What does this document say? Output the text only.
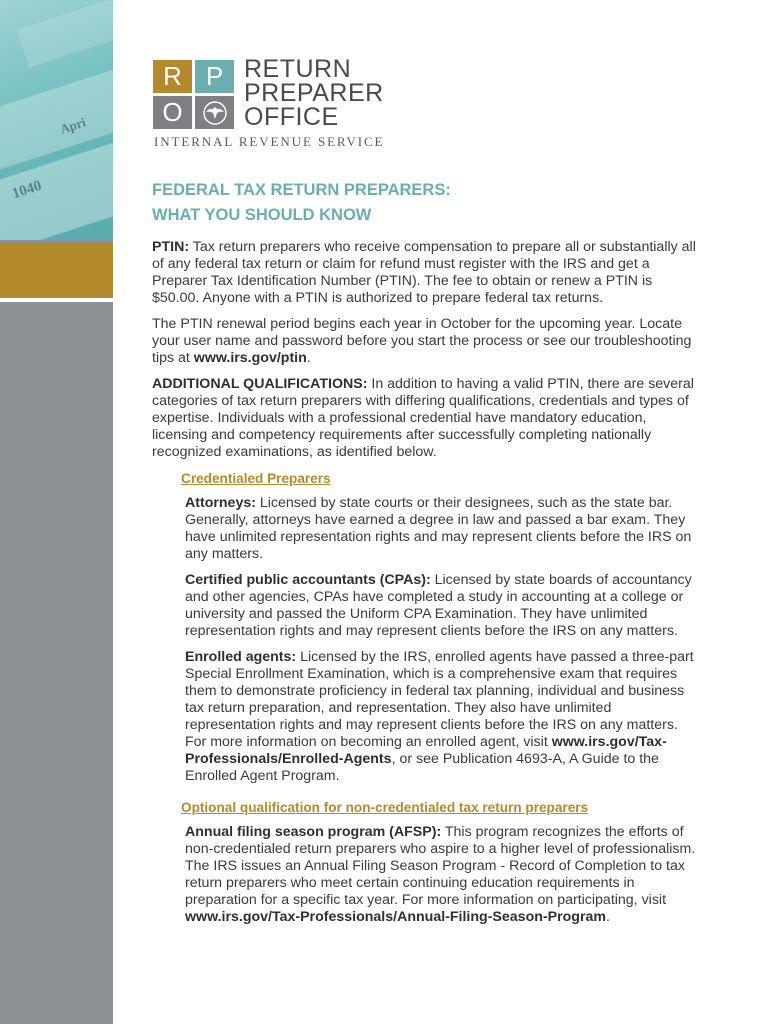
Apri
1040
R P
O
RETURN
PREPARER
OFFICE
INTERNAL REVENUE SERVICE
FEDERAL TAX RETURN PREPARERS:
WHAT YOU SHOULD KNOW

PTIN: Tax return preparers who receive compensation to prepare all or substantially all of any federal tax return or claim for refund must register with the IRS and get a Preparer Tax Identification Number (PTIN). The fee to obtain or renew a PTIN is $50.00. Anyone with a PTIN is authorized to prepare federal tax returns.

The PTIN renewal period begins each year in October for the upcoming year. Locate your user name and password before you start the process or see our troubleshooting tips at www.irs.gov/ptin.

ADDITIONAL QUALIFICATIONS: In addition to having a valid PTIN, there are several categories of tax return preparers with differing qualifications, credentials and types of expertise. Individuals with a professional credential have mandatory education, licensing and competency requirements after successfully completing nationally recognized examinations, as identified below.

Credentialed Preparers

Attorneys: Licensed by state courts or their designees, such as the state bar. Generally, attorneys have earned a degree in law and passed a bar exam. They have unlimited representation rights and may represent clients before the IRS on any matters.

Certified public accountants (CPAs): Licensed by state boards of accountancy and other agencies, CPAs have completed a study in accounting at a college or university and passed the Uniform CPA Examination. They have unlimited representation rights and may represent clients before the IRS on any matters.

Enrolled agents: Licensed by the IRS, enrolled agents have passed a three-part Special Enrollment Examination, which is a comprehensive exam that requires them to demonstrate proficiency in federal tax planning, individual and business tax return preparation, and representation. They also have unlimited representation rights and may represent clients before the IRS on any matters. For more information on becoming an enrolled agent, visit www.irs.gov/Tax-Professionals/Enrolled-Agents, or see Publication 4693-A, A Guide to the Enrolled Agent Program.

Optional qualification for non-credentialed tax return preparers

Annual filing season program (AFSP): This program recognizes the efforts of non-credentialed return preparers who aspire to a higher level of professionalism. The IRS issues an Annual Filing Season Program - Record of Completion to tax return preparers who meet certain continuing education requirements in preparation for a specific tax year. For more information on participating, visit www.irs.gov/Tax-Professionals/Annual-Filing-Season-Program.
